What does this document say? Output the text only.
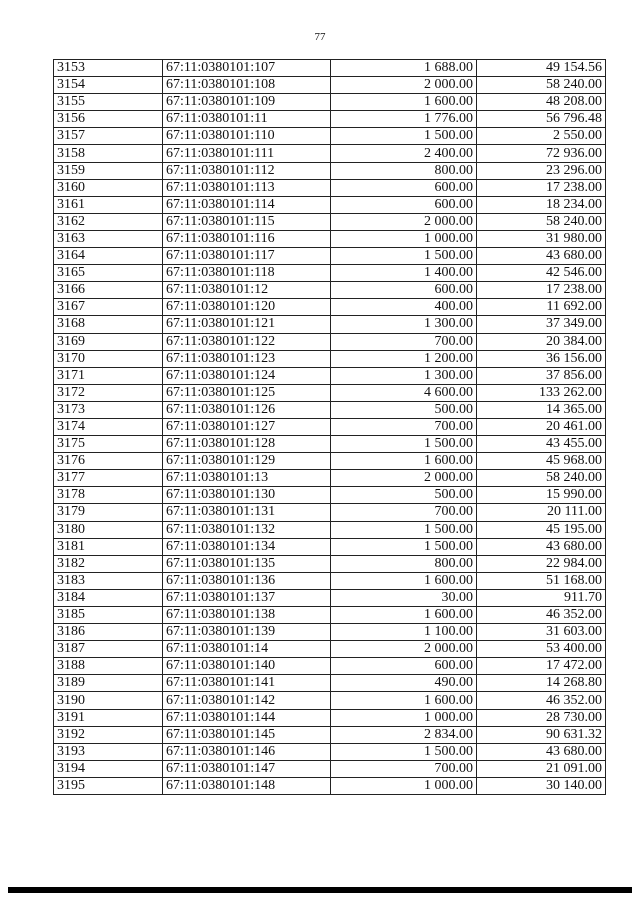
77
3153	67:11:0380101:107	1 688.00	49 154.56
3154	67:11:0380101:108	2 000.00	58 240.00
3155	67:11:0380101:109	1 600.00	48 208.00
3156	67:11:0380101:11	1 776.00	56 796.48
3157	67:11:0380101:110	1 500.00	2 550.00
3158	67:11:0380101:111	2 400.00	72 936.00
3159	67:11:0380101:112	800.00	23 296.00
3160	67:11:0380101:113	600.00	17 238.00
3161	67:11:0380101:114	600.00	18 234.00
3162	67:11:0380101:115	2 000.00	58 240.00
3163	67:11:0380101:116	1 000.00	31 980.00
3164	67:11:0380101:117	1 500.00	43 680.00
3165	67:11:0380101:118	1 400.00	42 546.00
3166	67:11:0380101:12	600.00	17 238.00
3167	67:11:0380101:120	400.00	11 692.00
3168	67:11:0380101:121	1 300.00	37 349.00
3169	67:11:0380101:122	700.00	20 384.00
3170	67:11:0380101:123	1 200.00	36 156.00
3171	67:11:0380101:124	1 300.00	37 856.00
3172	67:11:0380101:125	4 600.00	133 262.00
3173	67:11:0380101:126	500.00	14 365.00
3174	67:11:0380101:127	700.00	20 461.00
3175	67:11:0380101:128	1 500.00	43 455.00
3176	67:11:0380101:129	1 600.00	45 968.00
3177	67:11:0380101:13	2 000.00	58 240.00
3178	67:11:0380101:130	500.00	15 990.00
3179	67:11:0380101:131	700.00	20 111.00
3180	67:11:0380101:132	1 500.00	45 195.00
3181	67:11:0380101:134	1 500.00	43 680.00
3182	67:11:0380101:135	800.00	22 984.00
3183	67:11:0380101:136	1 600.00	51 168.00
3184	67:11:0380101:137	30.00	911.70
3185	67:11:0380101:138	1 600.00	46 352.00
3186	67:11:0380101:139	1 100.00	31 603.00
3187	67:11:0380101:14	2 000.00	53 400.00
3188	67:11:0380101:140	600.00	17 472.00
3189	67:11:0380101:141	490.00	14 268.80
3190	67:11:0380101:142	1 600.00	46 352.00
3191	67:11:0380101:144	1 000.00	28 730.00
3192	67:11:0380101:145	2 834.00	90 631.32
3193	67:11:0380101:146	1 500.00	43 680.00
3194	67:11:0380101:147	700.00	21 091.00
3195	67:11:0380101:148	1 000.00	30 140.00
